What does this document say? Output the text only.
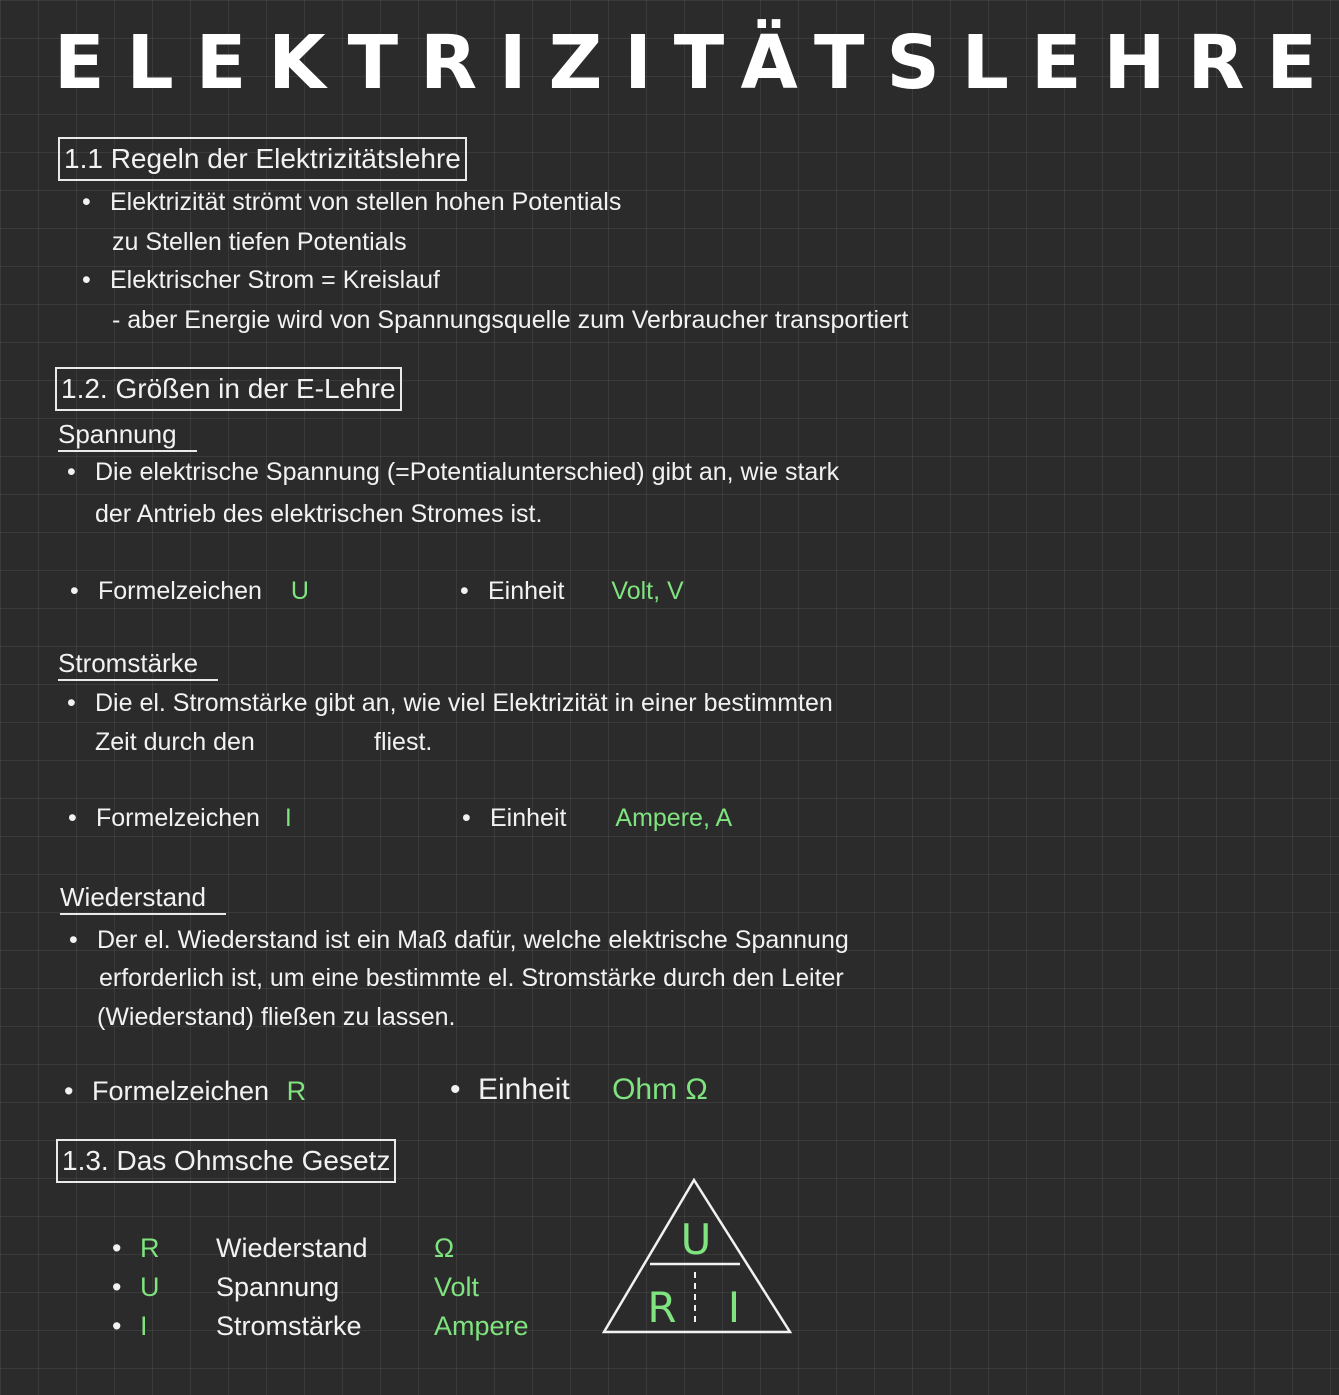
ELEKTRIZITÄTSLEHRE
1.1 Regeln der Elektrizitätslehre
• Elektrizität strömt von stellen hohen Potentials
zu Stellen tiefen Potentials
• Elektrischer Strom = Kreislauf
- aber Energie wird von Spannungsquelle zum Verbraucher transportiert
1.2. Größen in der E-Lehre
Spannung
• Die elektrische Spannung (=Potentialunterschied) gibt an, wie stark
der Antrieb des elektrischen Stromes ist.
• Formelzeichen U	• Einheit Volt, V
Stromstärke
• Die el. Stromstärke gibt an, wie viel Elektrizität in einer bestimmten
Zeit durch den	fliest.
• Formelzeichen I	• Einheit Ampere, A
Wiederstand
• Der el. Wiederstand ist ein Maß dafür, welche elektrische Spannung
erforderlich ist, um eine bestimmte el. Stromstärke durch den Leiter
(Wiederstand) fließen zu lassen.
• Formelzeichen R	• Einheit Ohm Ω
1.3. Das Ohmsche Gesetz
• R Wiederstand Ω
• U Spannung	Volt
• I	Stromstärke	Ampere
U
R I
